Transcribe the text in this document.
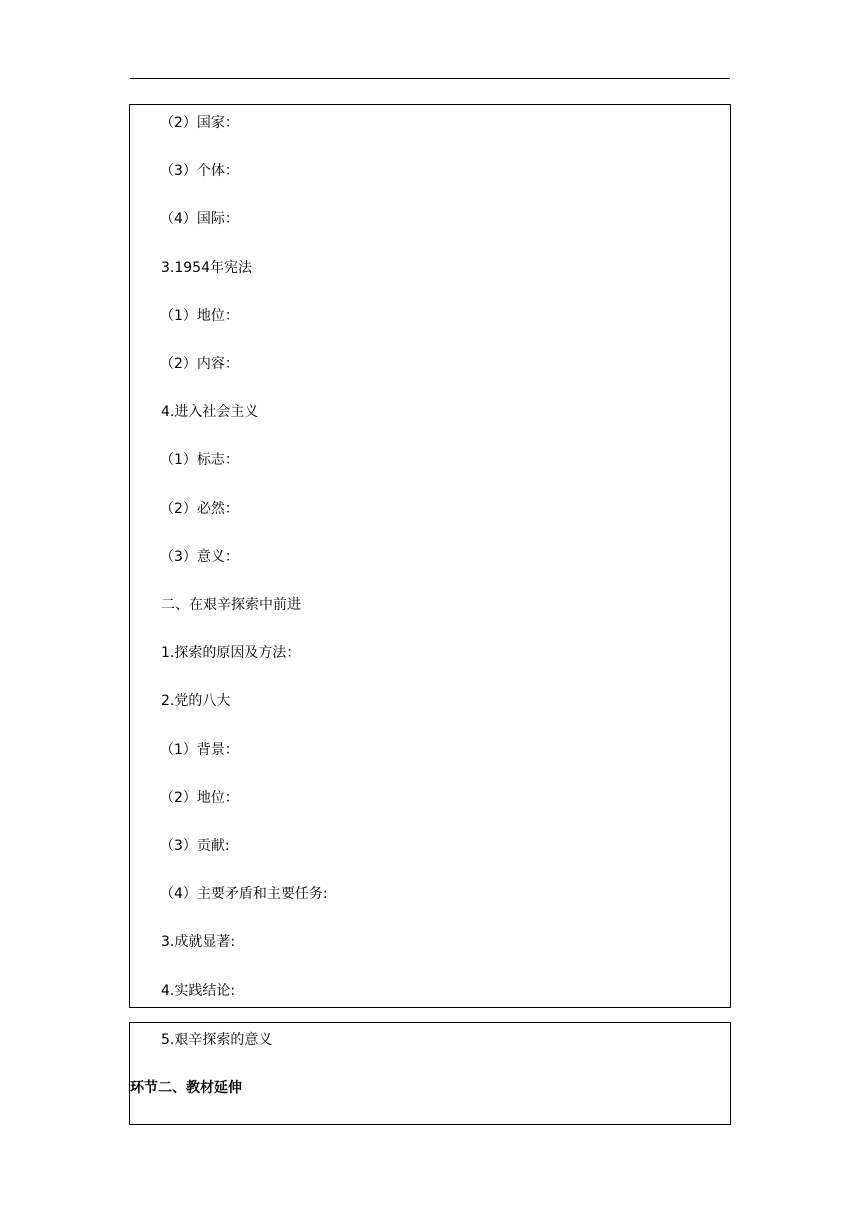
（2）国家：
（3）个体：
（4）国际：
3.1954年宪法
（1）地位：
（2）内容：
4.进入社会主义
（1）标志：
（2）必然：
（3）意义：
二、在艰辛探索中前进
1.探索的原因及方法：
2.党的八大
（1）背景：
（2）地位：
（3）贡献:
（4）主要矛盾和主要任务:
3.成就显著:
4.实践结论:
5.艰辛探索的意义
环节二、教材延伸
